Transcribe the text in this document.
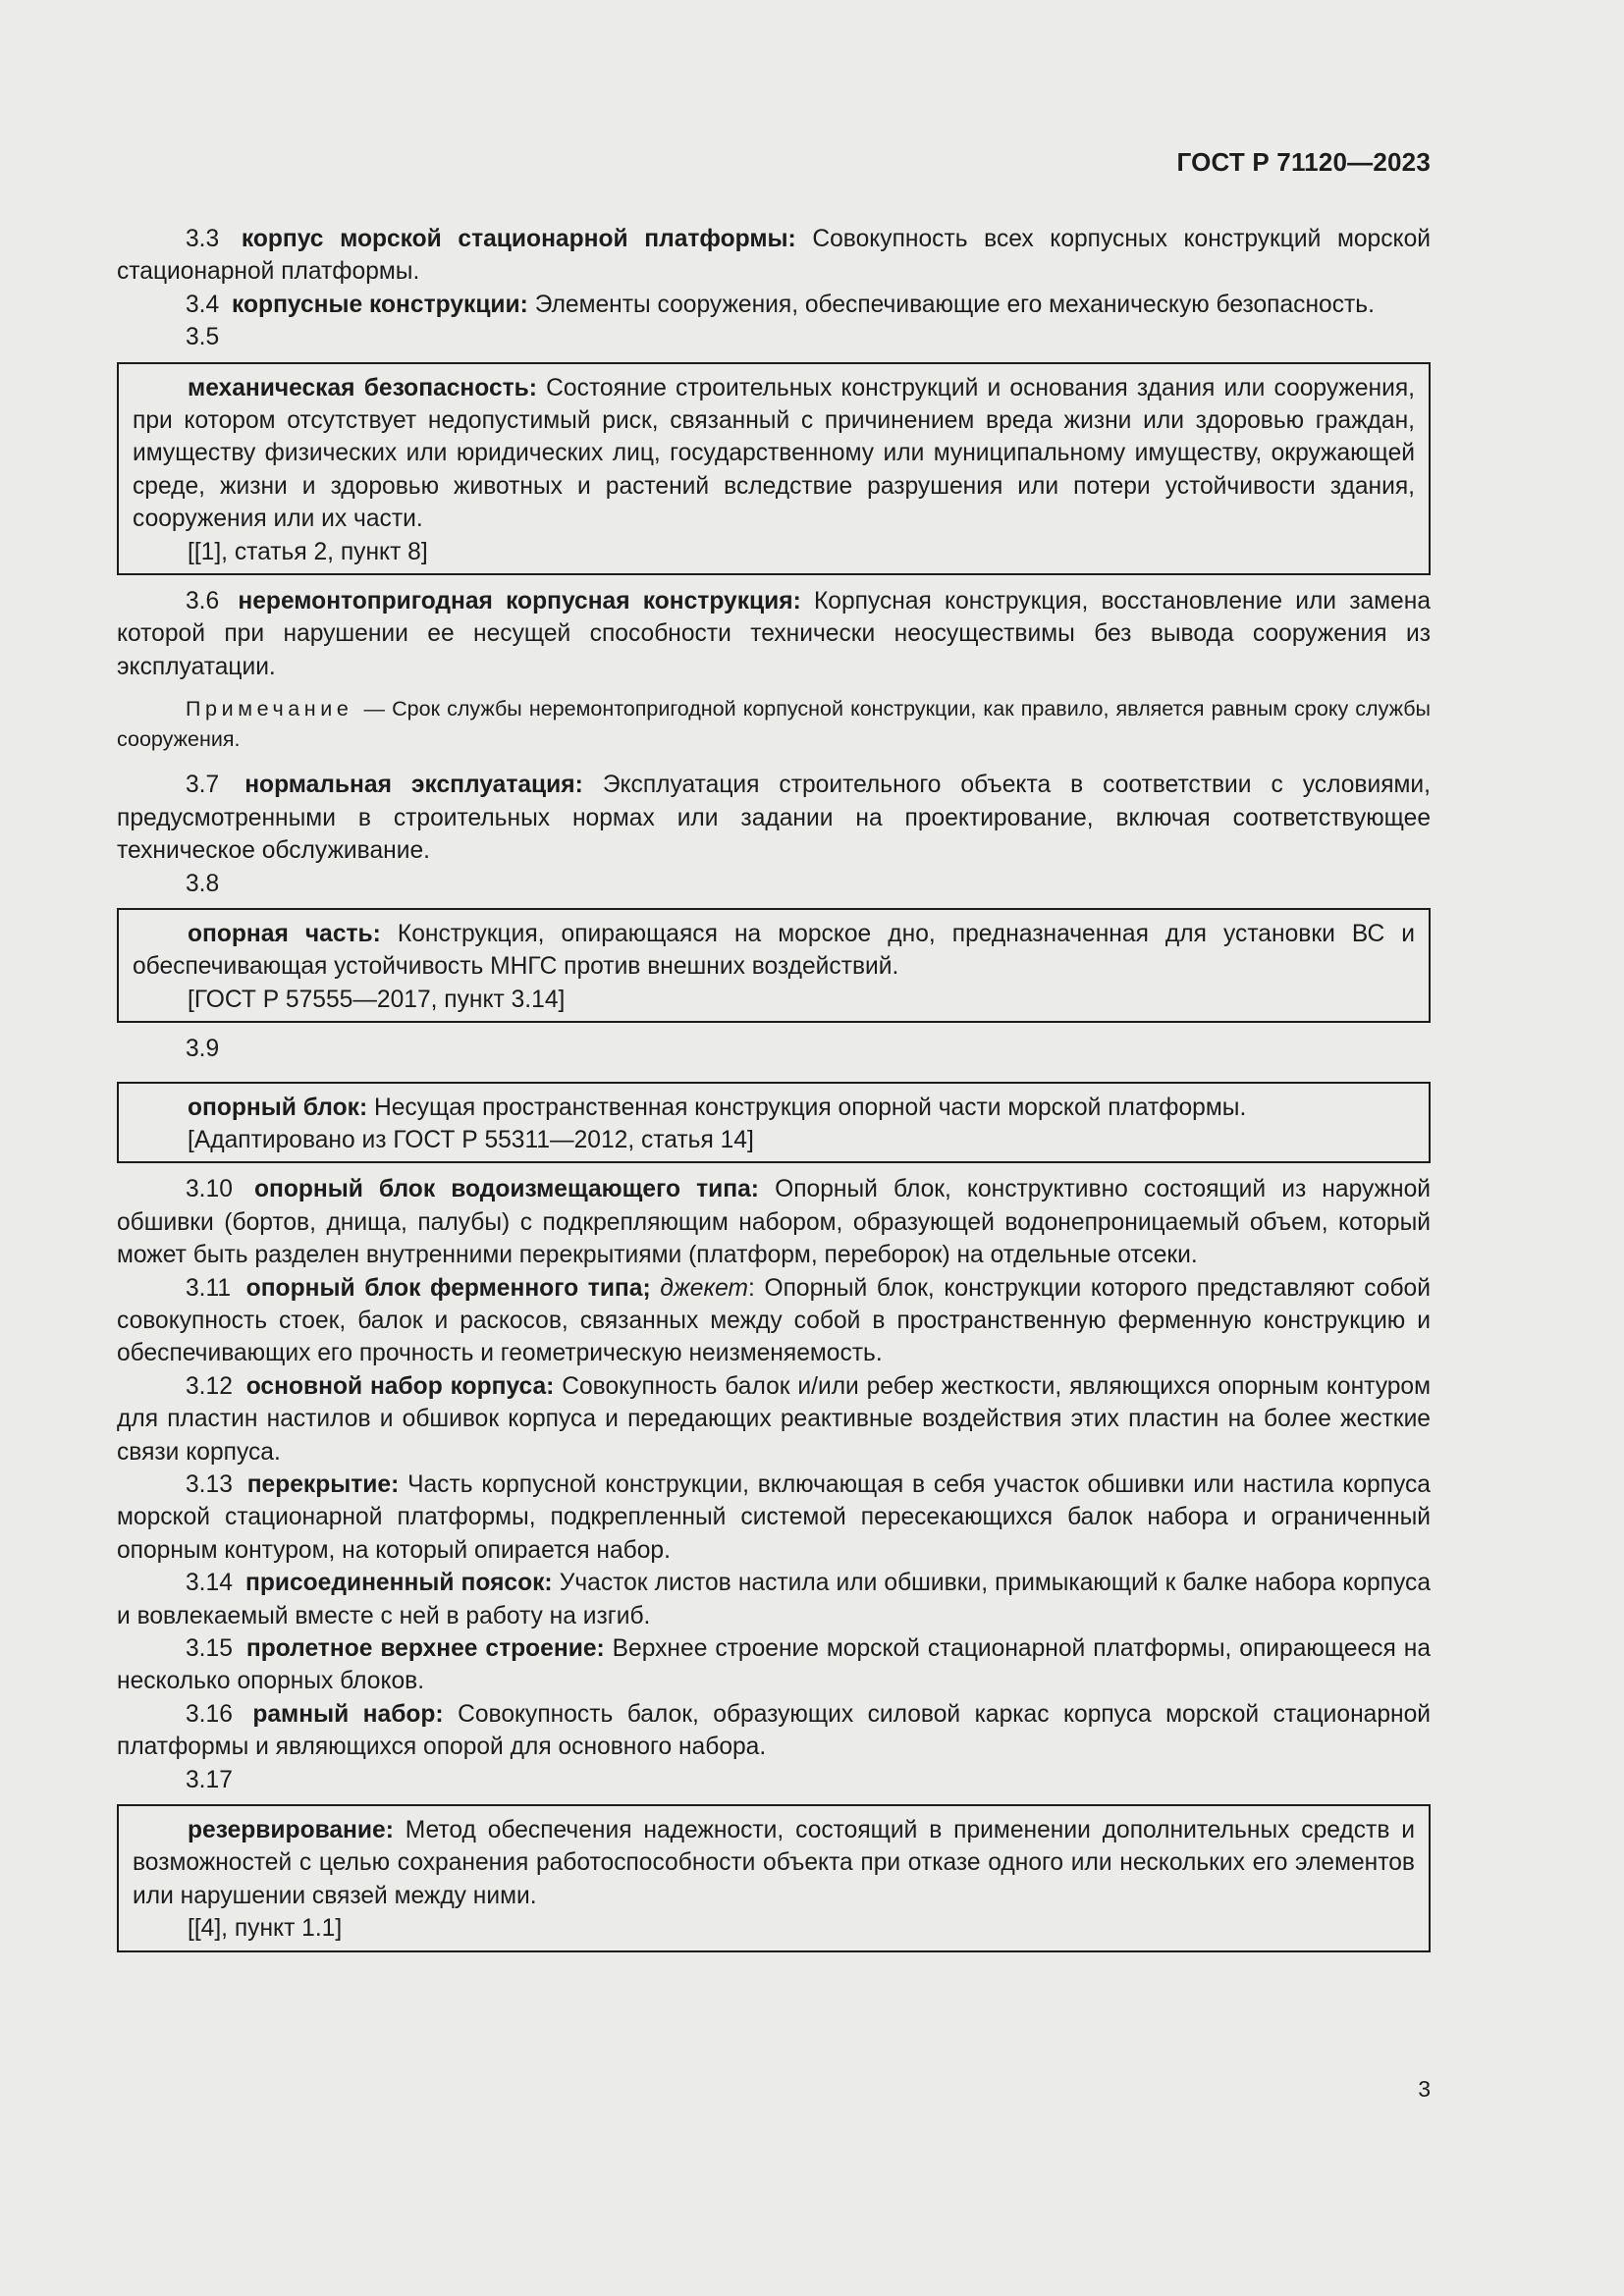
ГОСТ Р 71120—2023

3.3 корпус морской стационарной платформы: Совокупность всех корпусных конструкций морской стационарной платформы.

3.4 корпусные конструкции: Элементы сооружения, обеспечивающие его механическую безопасность.

3.5

механическая безопасность: Состояние строительных конструкций и основания здания или сооружения, при котором отсутствует недопустимый риск, связанный с причинением вреда жизни или здоровью граждан, имуществу физических или юридических лиц, государственному или муниципальному имуществу, окружающей среде, жизни и здоровью животных и растений вследствие разрушения или потери устойчивости здания, сооружения или их части.

[[1], статья 2, пункт 8]

3.6 неремонтопригодная корпусная конструкция: Корпусная конструкция, восстановление или замена которой при нарушении ее несущей способности технически неосуществимы без вывода сооружения из эксплуатации.

Примечание — Срок службы неремонтопригодной корпусной конструкции, как правило, является равным сроку службы сооружения.

3.7 нормальная эксплуатация: Эксплуатация строительного объекта в соответствии с условиями, предусмотренными в строительных нормах или задании на проектирование, включая соответствующее техническое обслуживание.

3.8

опорная часть: Конструкция, опирающаяся на морское дно, предназначенная для установки ВС и обеспечивающая устойчивость МНГС против внешних воздействий.

[ГОСТ Р 57555—2017, пункт 3.14]

3.9

опорный блок: Несущая пространственная конструкция опорной части морской платформы.

[Адаптировано из ГОСТ Р 55311—2012, статья 14]

3.10 опорный блок водоизмещающего типа: Опорный блок, конструктивно состоящий из наружной обшивки (бортов, днища, палубы) с подкрепляющим набором, образующей водонепроницаемый объем, который может быть разделен внутренними перекрытиями (платформ, переборок) на отдельные отсеки.

3.11 опорный блок ферменного типа; джекет: Опорный блок, конструкции которого представляют собой совокупность стоек, балок и раскосов, связанных между собой в пространственную ферменную конструкцию и обеспечивающих его прочность и геометрическую неизменяемость.

3.12 основной набор корпуса: Совокупность балок и/или ребер жесткости, являющихся опорным контуром для пластин настилов и обшивок корпуса и передающих реактивные воздействия этих пластин на более жесткие связи корпуса.

3.13 перекрытие: Часть корпусной конструкции, включающая в себя участок обшивки или настила корпуса морской стационарной платформы, подкрепленный системой пересекающихся балок набора и ограниченный опорным контуром, на который опирается набор.

3.14 присоединенный поясок: Участок листов настила или обшивки, примыкающий к балке набора корпуса и вовлекаемый вместе с ней в работу на изгиб.

3.15 пролетное верхнее строение: Верхнее строение морской стационарной платформы, опирающееся на несколько опорных блоков.

3.16 рамный набор: Совокупность балок, образующих силовой каркас корпуса морской стационарной платформы и являющихся опорой для основного набора.

3.17

резервирование: Метод обеспечения надежности, состоящий в применении дополнительных средств и возможностей с целью сохранения работоспособности объекта при отказе одного или нескольких его элементов или нарушении связей между ними.

[[4], пункт 1.1]

3
